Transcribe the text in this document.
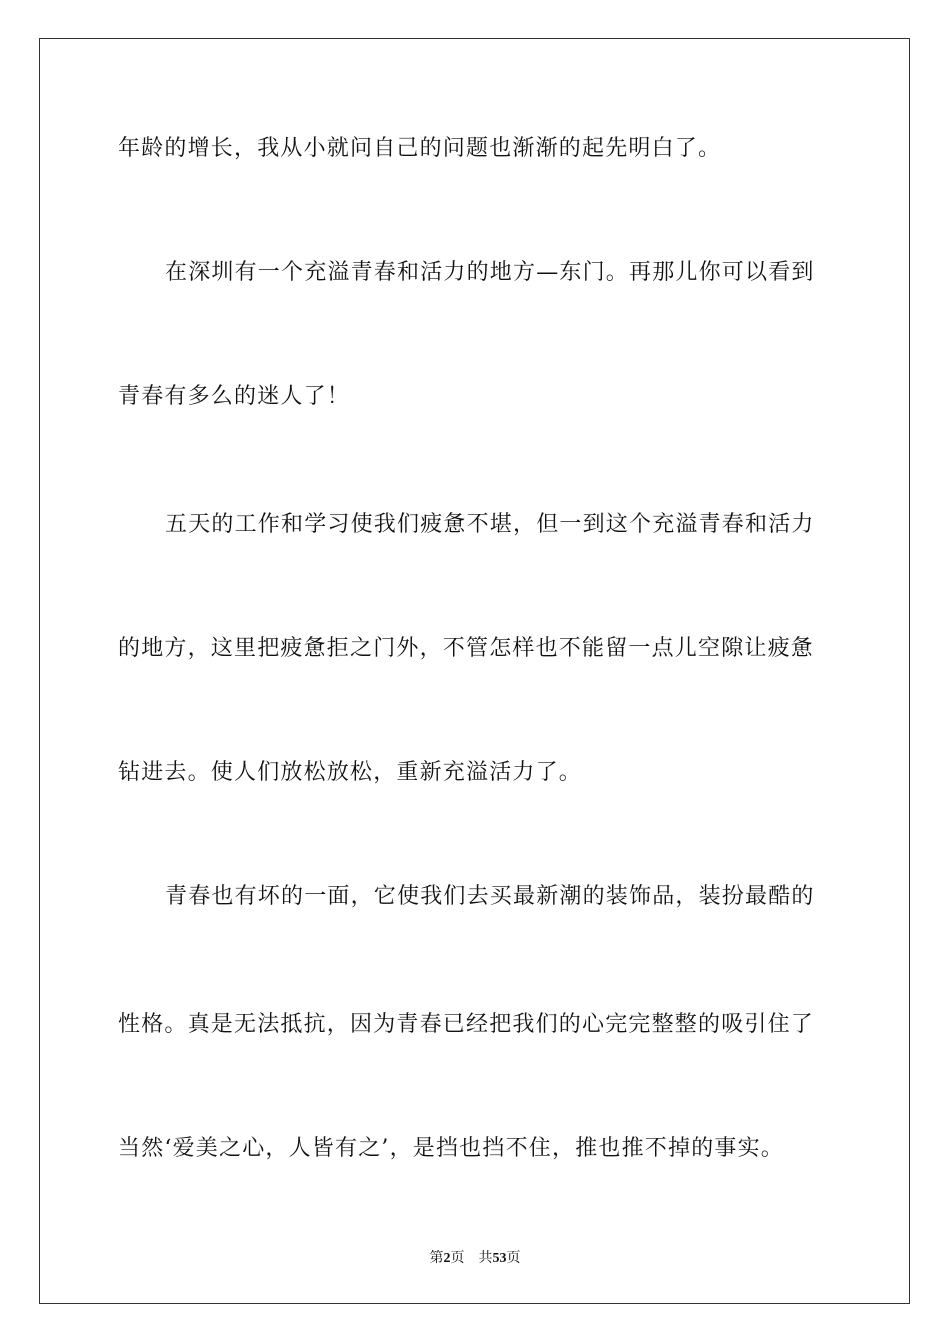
年龄的增长，我从小就问自己的问题也渐渐的起先明白了。
在深圳有一个充溢青春和活力的地方—东门。再那儿你可以看到
青春有多么的迷人了！
五天的工作和学习使我们疲惫不堪，但一到这个充溢青春和活力
的地方，这里把疲惫拒之门外，不管怎样也不能留一点儿空隙让疲惫
钻进去。使人们放松放松，重新充溢活力了。
青春也有坏的一面，它使我们去买最新潮的装饰品，装扮最酷的
性格。真是无法抵抗，因为青春已经把我们的心完完整整的吸引住了
当然‘爱美之心，人皆有之’，是挡也挡不住，推也推不掉的事实。
第2页 共53页
